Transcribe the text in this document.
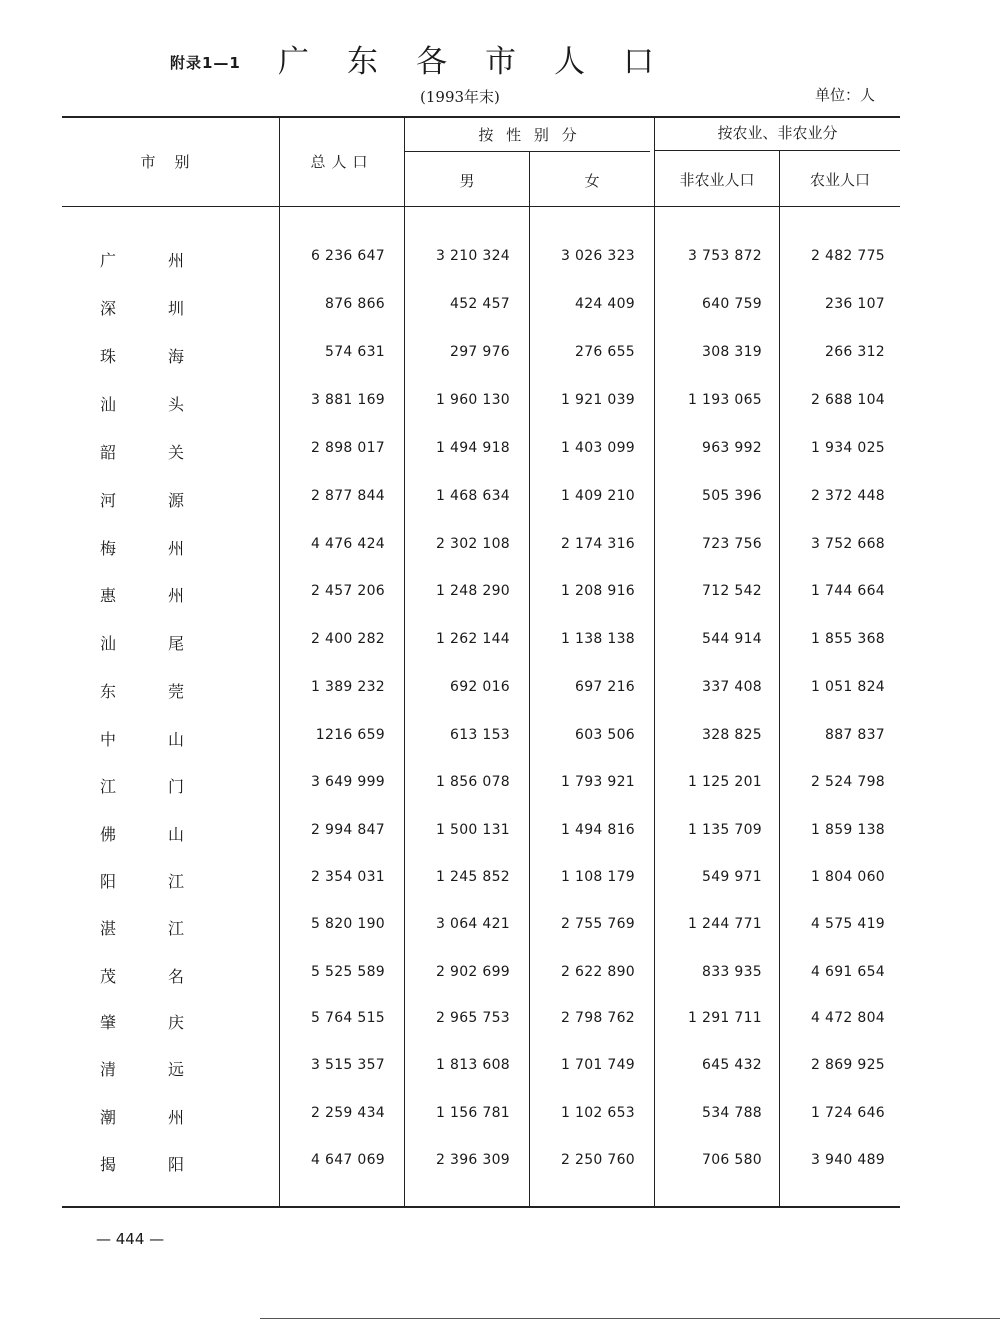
附录1—1 广东各市人口
(1993年末)	单位：人
市    别	总人口
按 性 别 分
男	女
按农业、非农业分
非农业人口	农业人口
广州	6 236 647	3 210 324	3 026 323	3 753 872	2 482 775
深圳	876 866	452 457	424 409	640 759	236 107
珠海	574 631	297 976	276 655	308 319	266 312
汕头	3 881 169	1 960 130	1 921 039	1 193 065	2 688 104
韶关	2 898 017	1 494 918	1 403 099	963 992	1 934 025
河源	2 877 844	1 468 634	1 409 210	505 396	2 372 448
梅州	4 476 424	2 302 108	2 174 316	723 756	3 752 668
惠州	2 457 206	1 248 290	1 208 916	712 542	1 744 664
汕尾	2 400 282	1 262 144	1 138 138	544 914	1 855 368
东莞	1 389 232	692 016	697 216	337 408	1 051 824
中山	1216 659	613 153	603 506	328 825	887 837
江门	3 649 999	1 856 078	1 793 921	1 125 201	2 524 798
佛山	2 994 847	1 500 131	1 494 816	1 135 709	1 859 138
阳江	2 354 031	1 245 852	1 108 179	549 971	1 804 060
湛江	5 820 190	3 064 421	2 755 769	1 244 771	4 575 419
茂名	5 525 589	2 902 699	2 622 890	833 935	4 691 654
肇庆	5 764 515	2 965 753	2 798 762	1 291 711	4 472 804
清远	3 515 357	1 813 608	1 701 749	645 432	2 869 925
潮州	2 259 434	1 156 781	1 102 653	534 788	1 724 646
揭阳	4 647 069	2 396 309	2 250 760	706 580	3 940 489
— 444 —
